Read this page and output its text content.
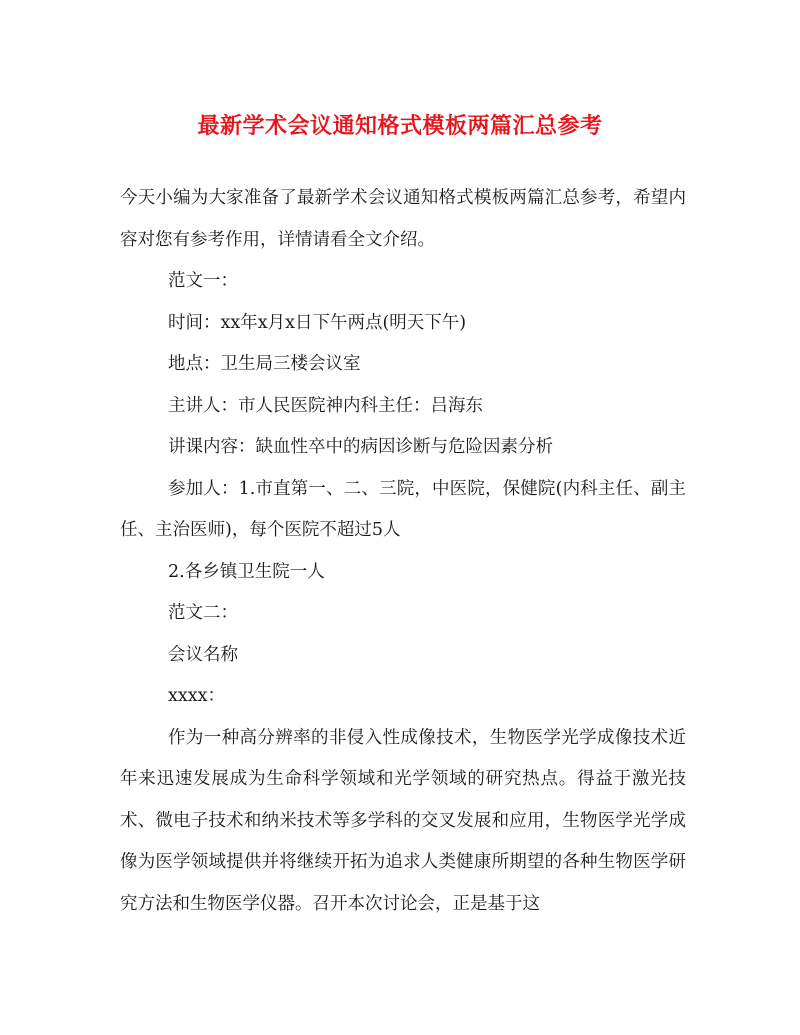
最新学术会议通知格式模板两篇汇总参考

今天小编为大家准备了最新学术会议通知格式模板两篇汇总参考，希望内容对您有参考作用，详情请看全文介绍。

范文一：

时间：xx年x月x日下午两点(明天下午)

地点：卫生局三楼会议室

主讲人：市人民医院神内科主任：吕海东

讲课内容：缺血性卒中的病因诊断与危险因素分析

参加人：1.市直第一、二、三院，中医院，保健院(内科主任、副主任、主治医师)，每个医院不超过5人

2.各乡镇卫生院一人

范文二：

会议名称

xxxx：

作为一种高分辨率的非侵入性成像技术，生物医学光学成像技术近年来迅速发展成为生命科学领域和光学领域的研究热点。得益于激光技术、微电子技术和纳米技术等多学科的交叉发展和应用，生物医学光学成像为医学领域提供并将继续开拓为追求人类健康所期望的各种生物医学研究方法和生物医学仪器。召开本次讨论会，正是基于这
